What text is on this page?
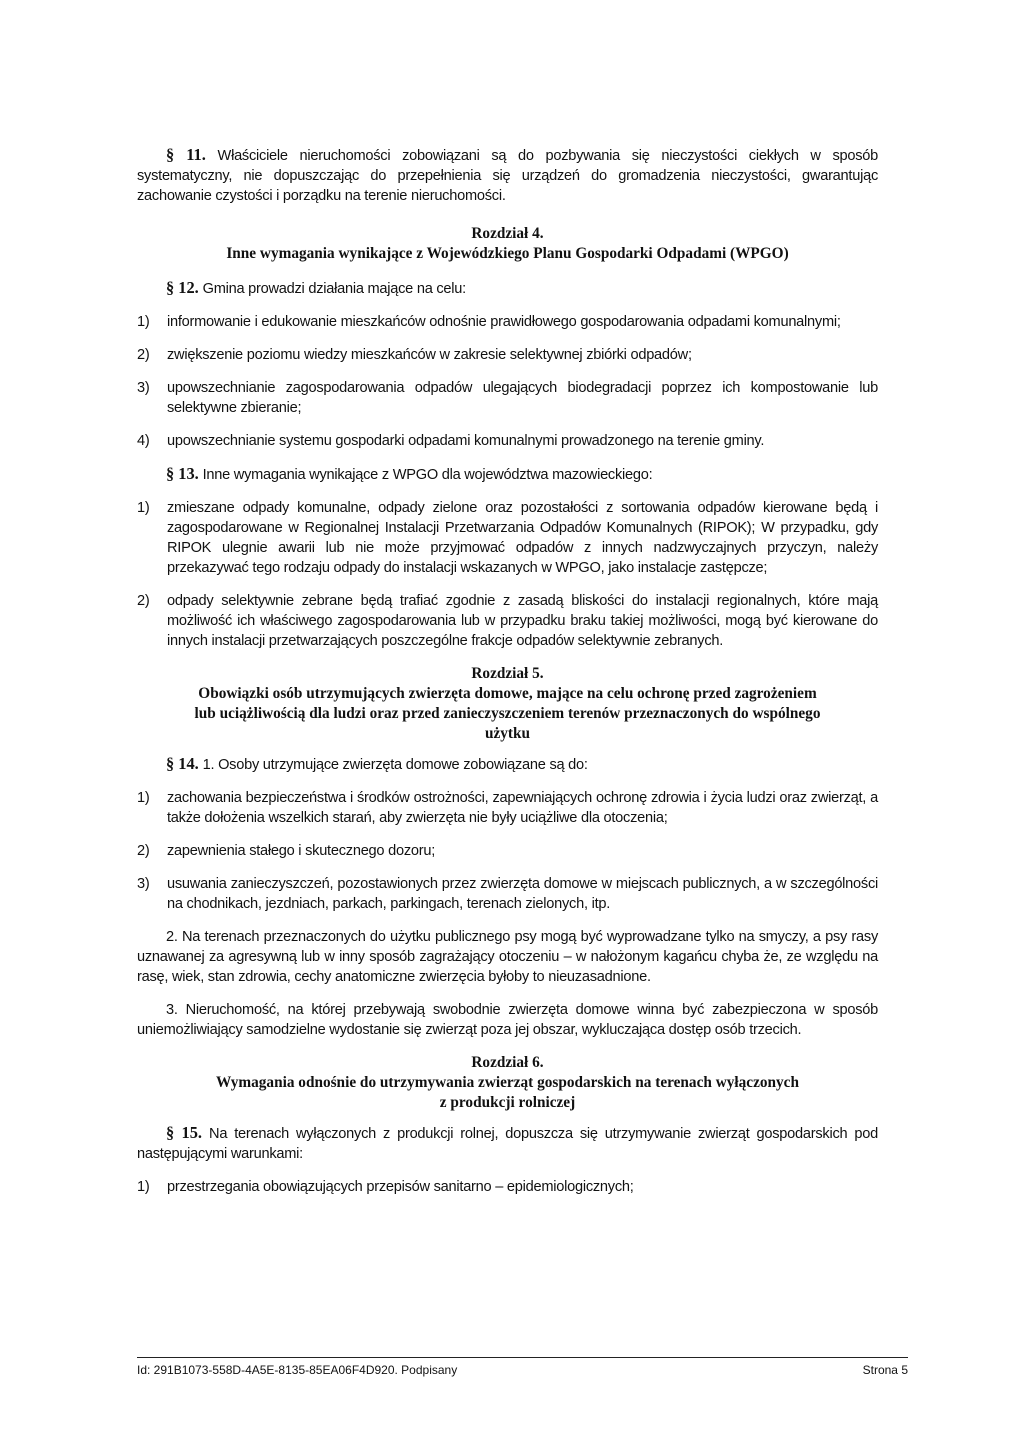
§ 11. Właściciele nieruchomości zobowiązani są do pozbywania się nieczystości ciekłych w sposób systematyczny, nie dopuszczając do przepełnienia się urządzeń do gromadzenia nieczystości, gwarantując zachowanie czystości i porządku na terenie nieruchomości.

Rozdział 4.
Inne wymagania wynikające z Wojewódzkiego Planu Gospodarki Odpadami (WPGO)

§ 12. Gmina prowadzi działania mające na celu:

1)	informowanie i edukowanie mieszkańców odnośnie prawidłowego gospodarowania odpadami komunalnymi;
2)	zwiększenie poziomu wiedzy mieszkańców w zakresie selektywnej zbiórki odpadów;
3)	upowszechnianie zagospodarowania odpadów ulegających biodegradacji poprzez ich kompostowanie lub selektywne zbieranie;
4)	upowszechnianie systemu gospodarki odpadami komunalnymi prowadzonego na terenie gminy.

§ 13. Inne wymagania wynikające z WPGO dla województwa mazowieckiego:

1)	zmieszane odpady komunalne, odpady zielone oraz pozostałości z sortowania odpadów kierowane będą i zagospodarowane w Regionalnej Instalacji Przetwarzania Odpadów Komunalnych (RIPOK); W przypadku, gdy RIPOK ulegnie awarii lub nie może przyjmować odpadów z innych nadzwyczajnych przyczyn, należy przekazywać tego rodzaju odpady do instalacji wskazanych w WPGO, jako instalacje zastępcze;
2)	odpady selektywnie zebrane będą trafiać zgodnie z zasadą bliskości do instalacji regionalnych, które mają możliwość ich właściwego zagospodarowania lub w przypadku braku takiej możliwości, mogą być kierowane do innych instalacji przetwarzających poszczególne frakcje odpadów selektywnie zebranych.
Rozdział 5.
Obowiązki osób utrzymujących zwierzęta domowe, mające na celu ochronę przed zagrożeniem
lub uciążliwością dla ludzi oraz przed zanieczyszczeniem terenów przeznaczonych do wspólnego
użytku

§ 14. 1. Osoby utrzymujące zwierzęta domowe zobowiązane są do:

1)	zachowania bezpieczeństwa i środków ostrożności, zapewniających ochronę zdrowia i życia ludzi oraz zwierząt, a także dołożenia wszelkich starań, aby zwierzęta nie były uciążliwe dla otoczenia;
2)	zapewnienia stałego i skutecznego dozoru;
3)	usuwania zanieczyszczeń, pozostawionych przez zwierzęta domowe w miejscach publicznych, a w szczególności na chodnikach, jezdniach, parkach, parkingach, terenach zielonych, itp.

2. Na terenach przeznaczonych do użytku publicznego psy mogą być wyprowadzane tylko na smyczy, a psy rasy uznawanej za agresywną lub w inny sposób zagrażający otoczeniu – w nałożonym kagańcu chyba że, ze względu na rasę, wiek, stan zdrowia, cechy anatomiczne zwierzęcia byłoby to nieuzasadnione.

3. Nieruchomość, na której przebywają swobodnie zwierzęta domowe winna być zabezpieczona w sposób uniemożliwiający samodzielne wydostanie się zwierząt poza jej obszar, wykluczająca dostęp osób trzecich.

Rozdział 6.
Wymagania odnośnie do utrzymywania zwierząt gospodarskich na terenach wyłączonych
z produkcji rolniczej

§ 15. Na terenach wyłączonych z produkcji rolnej, dopuszcza się utrzymywanie zwierząt gospodarskich pod następującymi warunkami:

1)	przestrzegania obowiązujących przepisów sanitarno – epidemiologicznych;
Id: 291B1073-558D-4A5E-8135-85EA06F4D920. Podpisany	Strona 5
